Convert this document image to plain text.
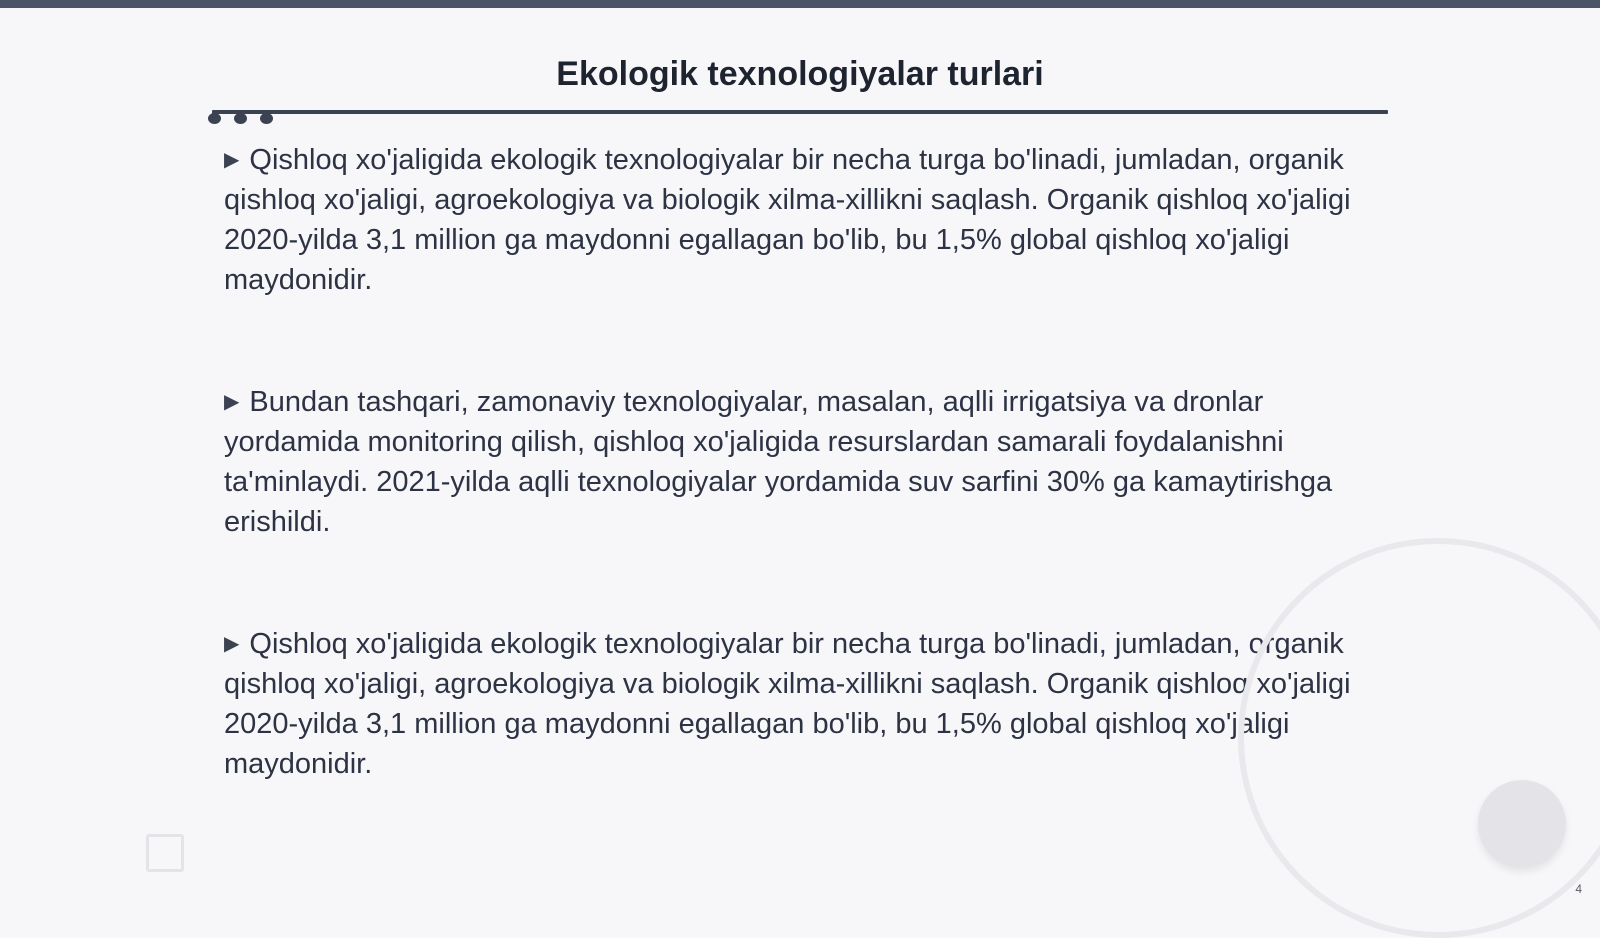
Ekologik texnologiyalar turlari

▶ Qishloq xo'jaligida ekologik texnologiyalar bir necha turga bo'linadi, jumladan, organik qishloq xo'jaligi, agroekologiya va biologik xilma-xillikni saqlash. Organik qishloq xo'jaligi 2020-yilda 3,1 million ga maydonni egallagan bo'lib, bu 1,5% global qishloq xo'jaligi maydonidir.

▶ Bundan tashqari, zamonaviy texnologiyalar, masalan, aqlli irrigatsiya va dronlar yordamida monitoring qilish, qishloq xo'jaligida resurslardan samarali foydalanishni ta'minlaydi. 2021-yilda aqlli texnologiyalar yordamida suv sarfini 30% ga kamaytirishga erishildi.

▶ Qishloq xo'jaligida ekologik texnologiyalar bir necha turga bo'linadi, jumladan, organik qishloq xo'jaligi, agroekologiya va biologik xilma-xillikni saqlash. Organik qishloq xo'jaligi 2020-yilda 3,1 million ga maydonni egallagan bo'lib, bu 1,5% global qishloq xo'jaligi maydonidir.

4
